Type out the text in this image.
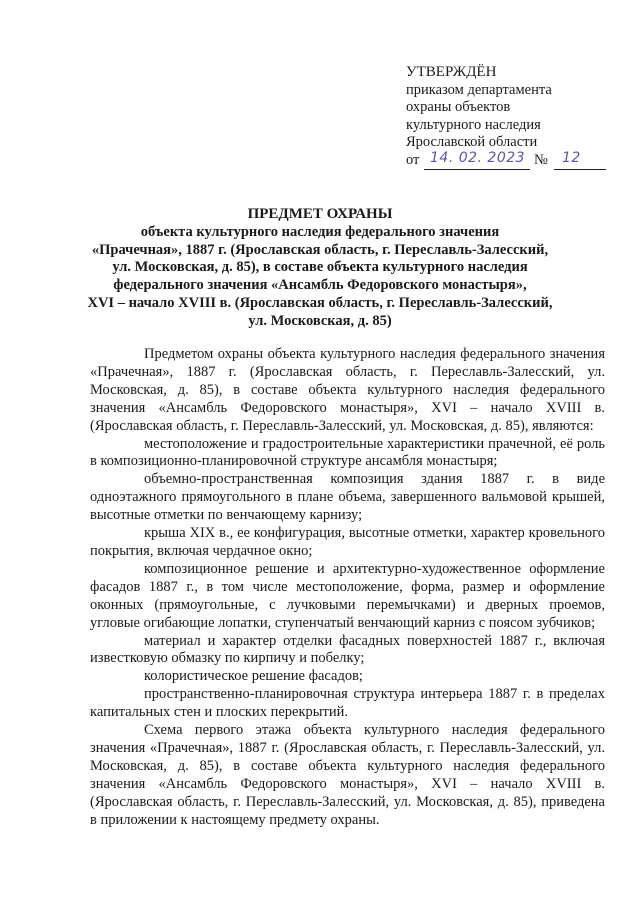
УТВЕРЖДЁН
приказом департамента
охраны объектов
культурного наследия
Ярославской области
от 14. 02. 2023 № 12
ПРЕДМЕТ ОХРАНЫ
объекта культурного наследия федерального значения
«Прачечная», 1887 г. (Ярославская область, г. Переславль-Залесский,
ул. Московская, д. 85), в составе объекта культурного наследия
федерального значения «Ансамбль Федоровского монастыря»,
XVI – начало XVIII в. (Ярославская область, г. Переславль-Залесский,
ул. Московская, д. 85)

Предметом охраны объекта культурного наследия федерального значения «Прачечная», 1887 г. (Ярославская область, г. Переславль-Залесский, ул. Московская, д. 85), в составе объекта культурного наследия федерального значения «Ансамбль Федоровского монастыря», XVI – начало XVIII в. (Ярославская область, г. Переславль-Залесский, ул. Московская, д. 85), являются:

местоположение и градостроительные характеристики прачечной, её роль в композиционно-планировочной структуре ансамбля монастыря;

объемно-пространственная композиция здания 1887 г. в виде одноэтажного прямоугольного в плане объема, завершенного вальмовой крышей, высотные отметки по венчающему карнизу;

крыша XIX в., ее конфигурация, высотные отметки, характер кровельного покрытия, включая чердачное окно;

композиционное решение и архитектурно-художественное оформление фасадов 1887 г., в том числе местоположение, форма, размер и оформление оконных (прямоугольные, с лучковыми перемычками) и дверных проемов, угловые огибающие лопатки, ступенчатый венчающий карниз с поясом зубчиков;

материал и характер отделки фасадных поверхностей 1887 г., включая известковую обмазку по кирпичу и побелку;

колористическое решение фасадов;

пространственно-планировочная структура интерьера 1887 г. в пределах капитальных стен и плоских перекрытий.

Схема первого этажа объекта культурного наследия федерального значения «Прачечная», 1887 г. (Ярославская область, г. Переславль-Залесский, ул. Московская, д. 85), в составе объекта культурного наследия федерального значения «Ансамбль Федоровского монастыря», XVI – начало XVIII в. (Ярославская область, г. Переславль-Залесский, ул. Московская, д. 85), приведена в приложении к настоящему предмету охраны.
